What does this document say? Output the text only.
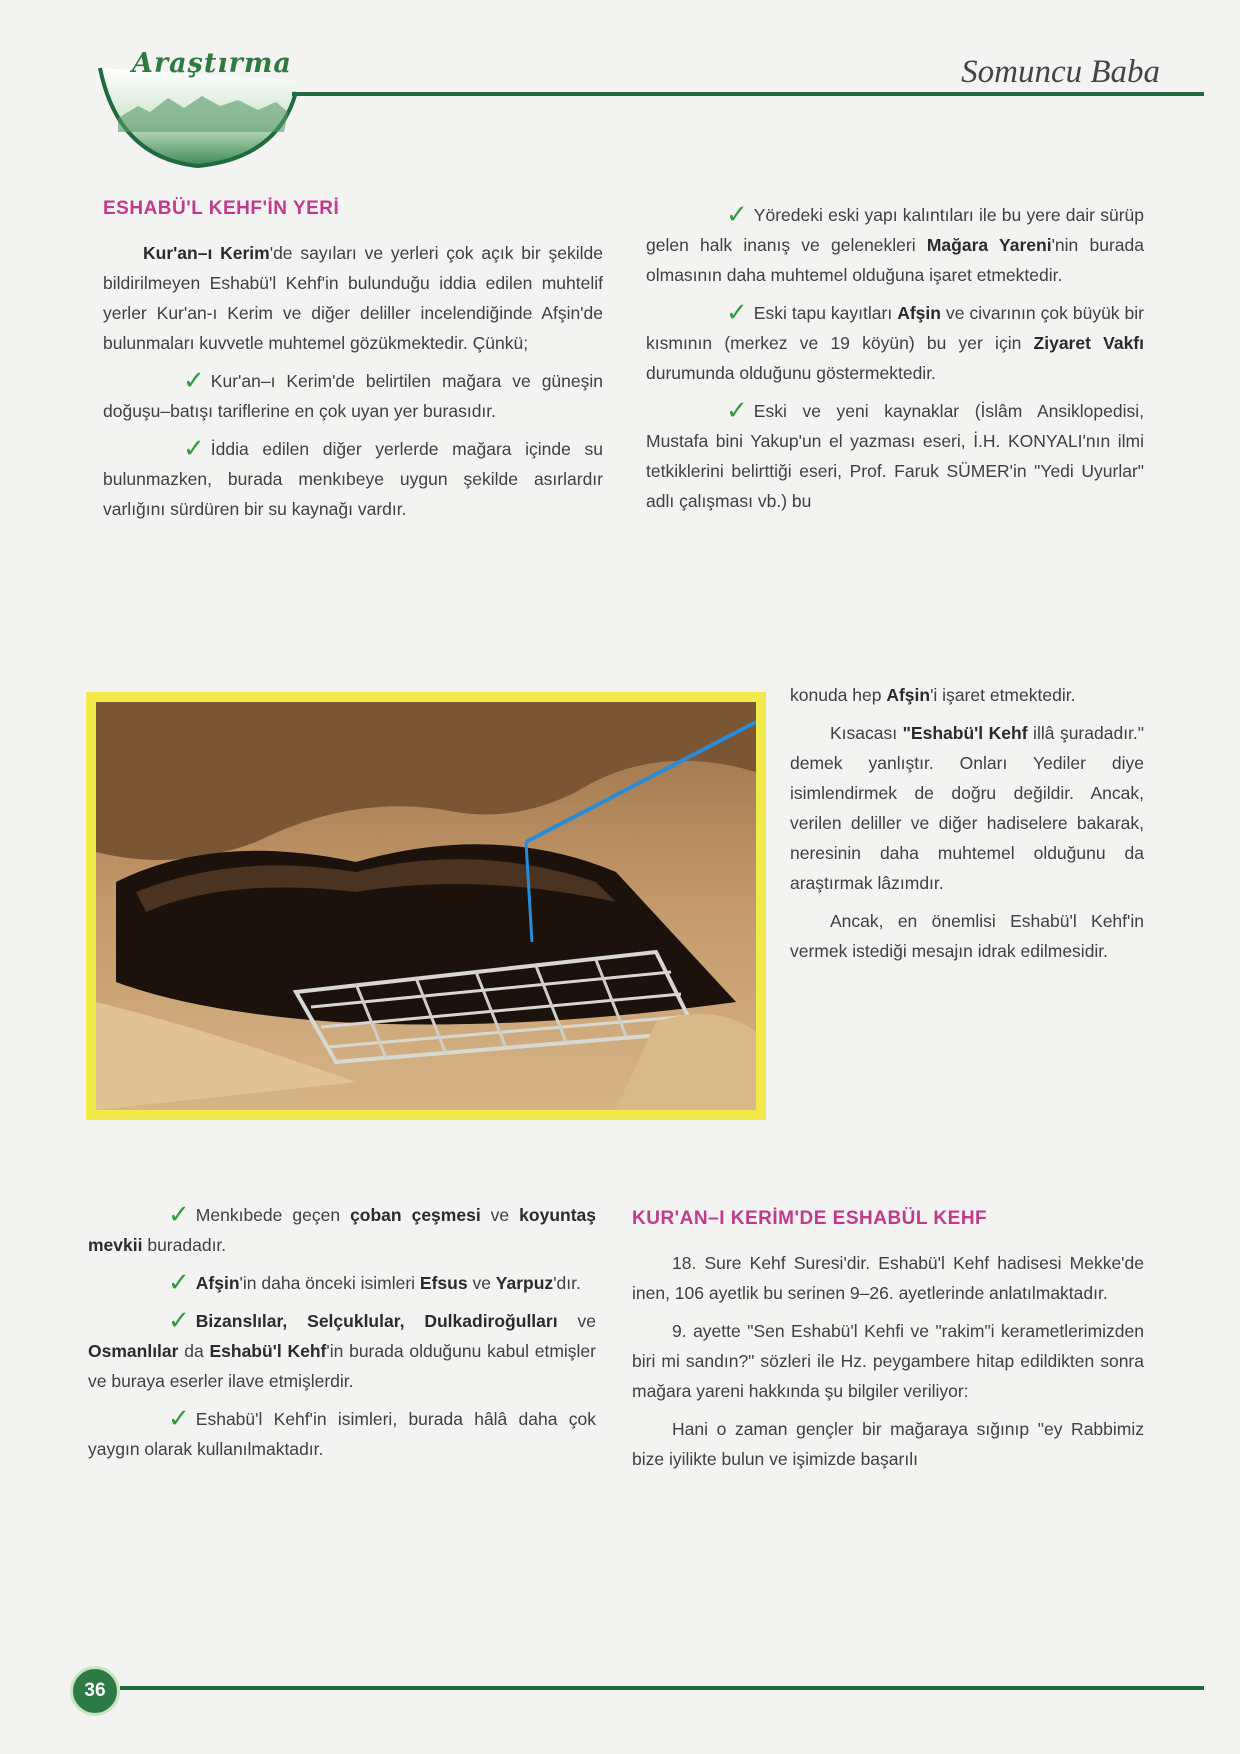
Araştırma	Somuncu Baba
ESHABÜ'L KEHF'İN YERİ

Kur'an–ı Kerim'de sayıları ve yerleri çok açık bir şekilde bildirilmeyen Eshabü'l Kehf'in bulunduğu iddia edilen muhtelif yerler Kur'an-ı Kerim ve diğer deliller incelendiğinde Afşin'de bulunmaları kuvvetle muhtemel gözükmektedir. Çünkü;

✓ Kur'an–ı Kerim'de belirtilen mağara ve güneşin doğuşu–batışı tariflerine en çok uyan yer burasıdır.

✓ İddia edilen diğer yerlerde mağara içinde su bulunmazken, burada menkıbeye uygun şekilde asırlardır varlığını sürdüren bir su kaynağı vardır.

✓ Yöredeki eski yapı kalıntıları ile bu yere dair sürüp gelen halk inanış ve gelenekleri Mağara Yareni'nin burada olmasının daha muhtemel olduğuna işaret etmektedir.

✓ Eski tapu kayıtları Afşin ve civarının çok büyük bir kısmının (merkez ve 19 köyün) bu yer için Ziyaret Vakfı durumunda olduğunu göstermektedir.

✓ Eski ve yeni kaynaklar (İslâm Ansiklopedisi, Mustafa bini Yakup'un el yazması eseri, İ.H. KONYALI'nın ilmi tetkiklerini belirttiği eseri, Prof. Faruk SÜMER'in "Yedi Uyurlar" adlı çalışması vb.) bu

konuda hep Afşin'i işaret etmektedir.

Kısacası "Eshabü'l Kehf illâ şuradadır." demek yanlıştır. Onları Yediler diye isimlendirmek de doğru değildir. Ancak, verilen deliller ve diğer hadiselere bakarak, neresinin daha muhtemel olduğunu da araştırmak lâzımdır.

Ancak, en önemlisi Eshabü'l Kehf'in vermek istediği mesajın idrak edilmesidir.

✓ Menkıbede geçen çoban çeşmesi ve koyuntaş mevkii buradadır.

✓ Afşin'in daha önceki isimleri Efsus ve Yarpuz'dır.

✓ Bizanslılar, Selçuklular, Dulkadiroğulları ve Osmanlılar da Eshabü'l Kehf'in burada olduğunu kabul etmişler ve buraya eserler ilave etmişlerdir.

✓ Eshabü'l Kehf'in isimleri, burada hâlâ daha çok yaygın olarak kullanılmaktadır.

KUR'AN–I KERİM'DE ESHABÜL KEHF

18. Sure Kehf Suresi'dir. Eshabü'l Kehf hadisesi Mekke'de inen, 106 ayetlik bu serinen 9–26. ayetlerinde anlatılmaktadır.

9. ayette "Sen Eshabü'l Kehfi ve "rakim"i kerametlerimizden biri mi sandın?" sözleri ile Hz. peygambere hitap edildikten sonra mağara yareni hakkında şu bilgiler veriliyor:

Hani o zaman gençler bir mağaraya sığınıp "ey Rabbimiz bize iyilikte bulun ve işimizde başarılı

36
